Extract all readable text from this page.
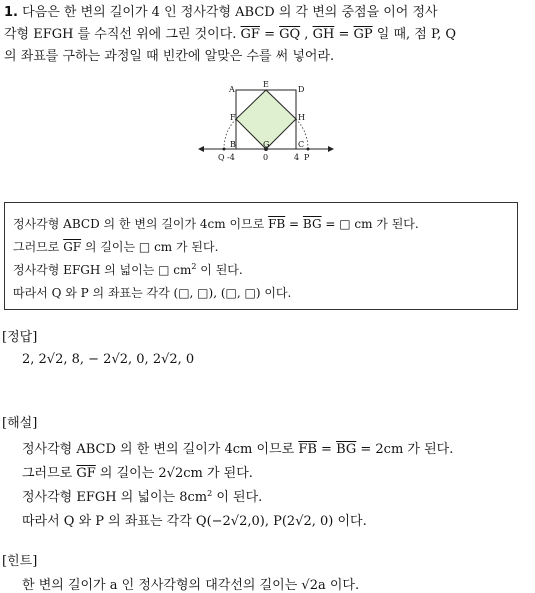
1. 다음은 한 변의 길이가 4 인 정사각형 ABCD 의 각 변의 중점을 이어 정사
각형 EFGH 를 수직선 위에 그린 것이다. $\overline{GF} = \overline{GQ}$ , $\overline{GH} = \overline{GP}$ 일 때, 점 P, Q
의 좌표를 구하는 과정일 때 빈칸에 알맞은 수를 써 넣어라.
A
E
D
F	H
B	G	C
Q -4	0	4 P
정사각형 ABCD 의 한 변의 길이가 4cm 이므로 $\overline{FB} = \overline{BG}$ = □ cm 가 된다.
그러므로 $\overline{GF}$ 의 길이는 □ cm 가 된다.
정사각형 EFGH 의 넓이는 □ $cm^2$ 이 된다.
따라서 Q 와 P 의 좌표는 각각 (□, □), (□, □) 이다.
[정답]
2, 2√2, 8, − 2√2, 0, 2√2, 0
[해설]
정사각형 ABCD 의 한 변의 길이가 4cm 이므로 $\overline{FB} = \overline{BG} = 2cm$ 가 된다.
그러므로 $\overline{GF}$ 의 길이는 2√2cm 가 된다.
정사각형 EFGH 의 넓이는 $8cm^2$ 이 된다.
따라서 Q 와 P 의 좌표는 각각 Q(−2√2,0), P(2√2, 0) 이다.
[힌트]
한 변의 길이가 a 인 정사각형의 대각선의 길이는 √2a 이다.
